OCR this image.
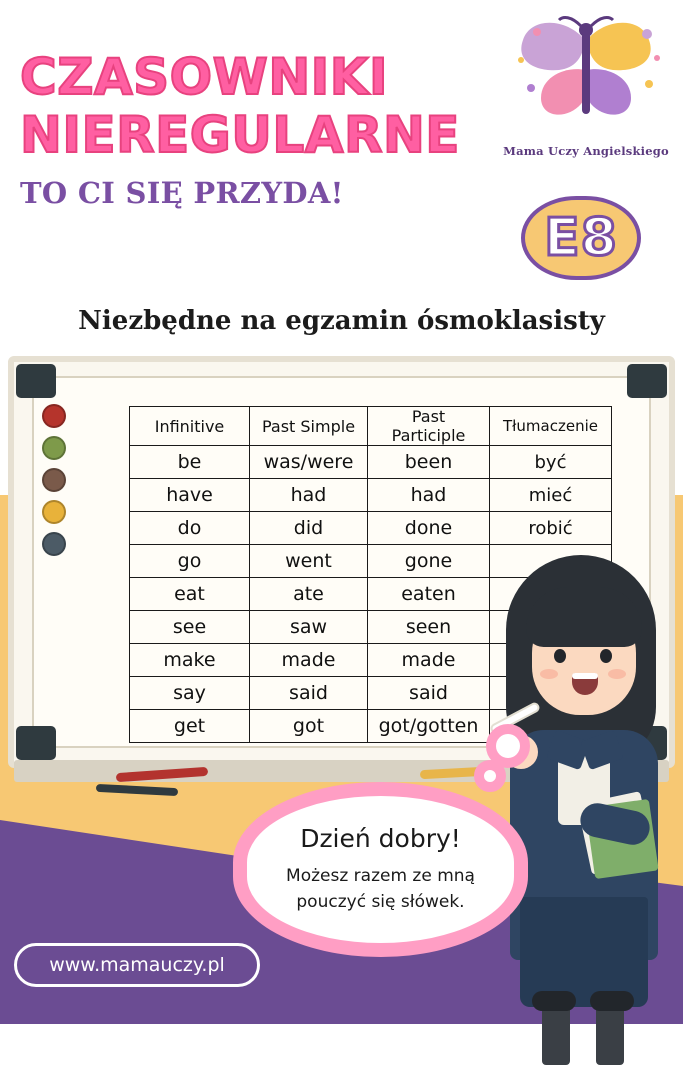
CZASOWNIKI
NIEREGULARNE
TO CI SIĘ PRZYDA!
Mama Uczy Angielskiego
E8
Niezbędne na egzamin ósmoklasisty
Infinitive	Past Simple	Past Participle	Tłumaczenie
be	was/were	been	być
have	had	had	mieć
do	did	done	robić
go	went	gone	
eat	ate	eaten	
see	saw	seen	
make	made	made	
say	said	said	
get	got	got/gotten	
Dzień dobry!
Możesz razem ze mną
pouczyć się słówek.
www.mamauczy.pl
